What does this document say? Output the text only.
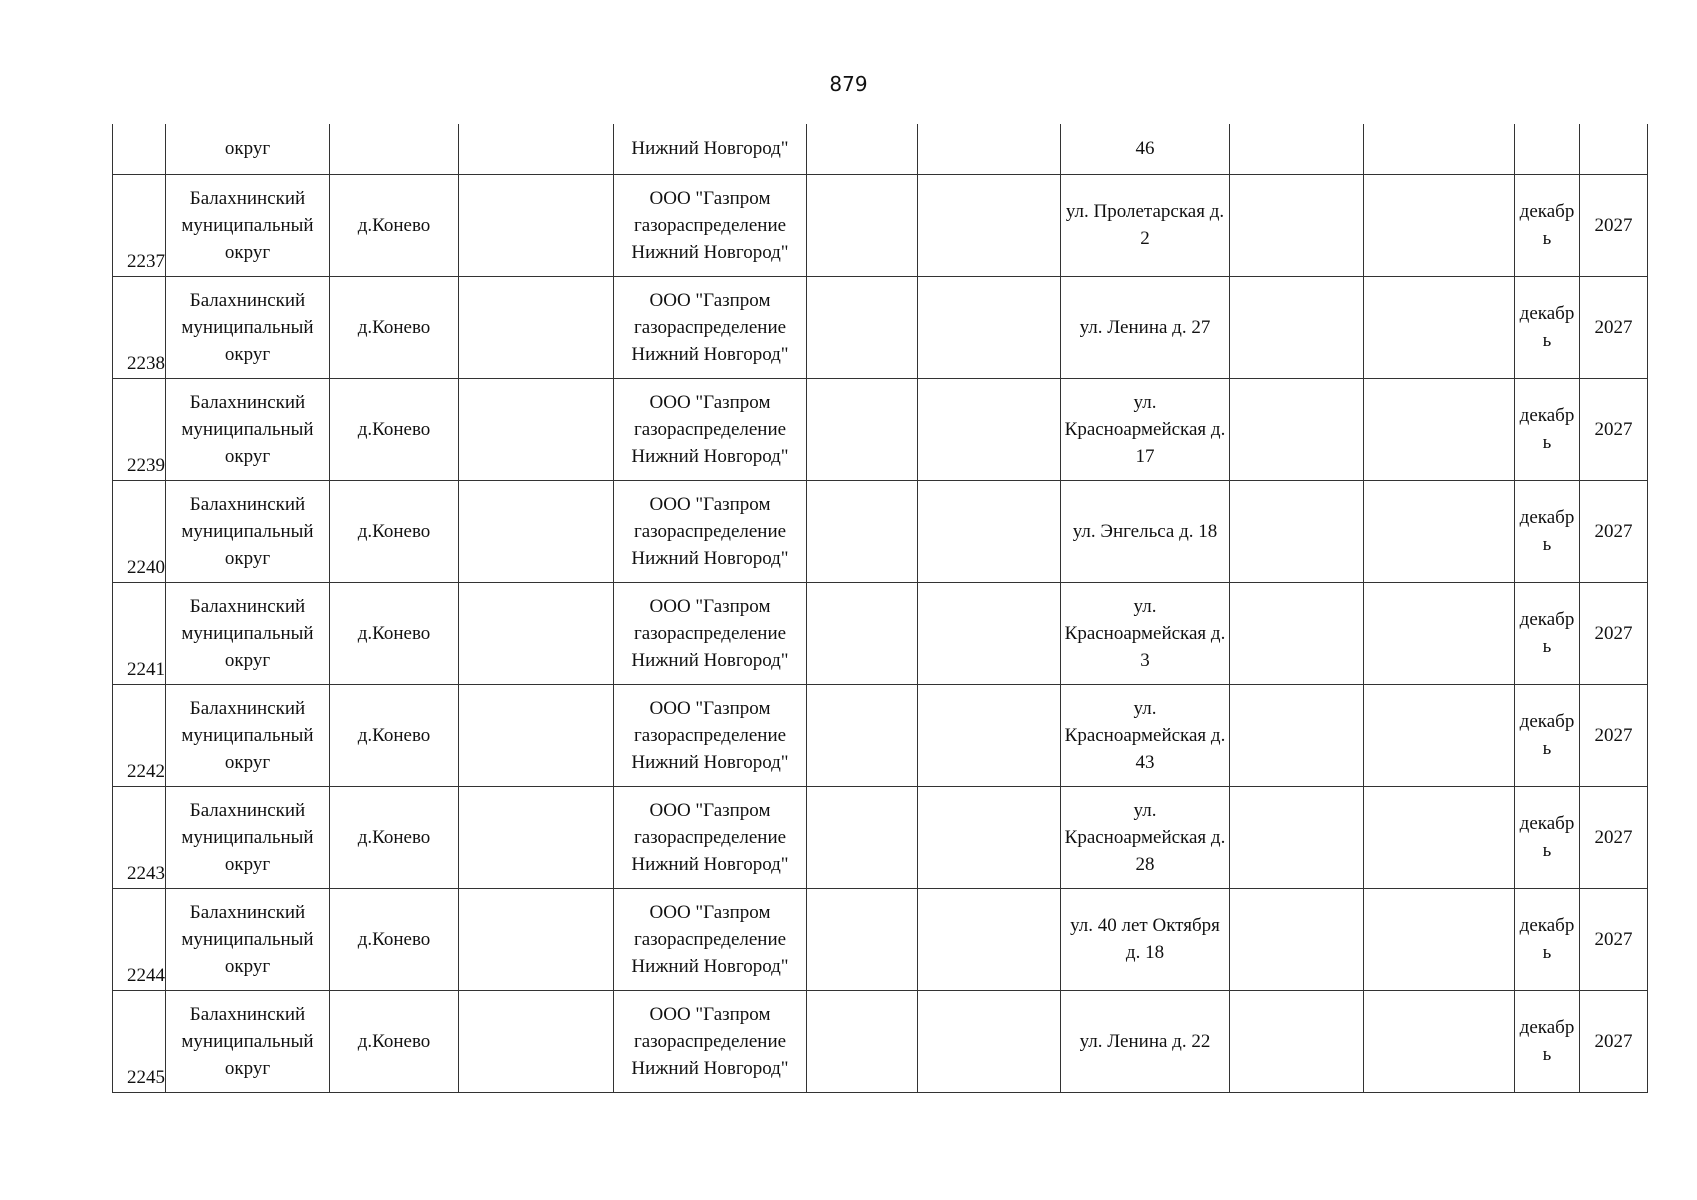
879
	округ			Нижний Новгород"			46				
2237	Балахнинский муниципальный округ	д.Конево		ООО "Газпром газораспределение Нижний Новгород"			ул. Пролетарская д. 2			декабрь	2027
2238	Балахнинский муниципальный округ	д.Конево		ООО "Газпром газораспределение Нижний Новгород"			ул. Ленина д. 27			декабрь	2027
2239	Балахнинский муниципальный округ	д.Конево		ООО "Газпром газораспределение Нижний Новгород"			ул. Красноармейская д. 17			декабрь	2027
2240	Балахнинский муниципальный округ	д.Конево		ООО "Газпром газораспределение Нижний Новгород"			ул. Энгельса д. 18			декабрь	2027
2241	Балахнинский муниципальный округ	д.Конево		ООО "Газпром газораспределение Нижний Новгород"			ул. Красноармейская д. 3			декабрь	2027
2242	Балахнинский муниципальный округ	д.Конево		ООО "Газпром газораспределение Нижний Новгород"			ул. Красноармейская д. 43			декабрь	2027
2243	Балахнинский муниципальный округ	д.Конево		ООО "Газпром газораспределение Нижний Новгород"			ул. Красноармейская д. 28			декабрь	2027
2244	Балахнинский муниципальный округ	д.Конево		ООО "Газпром газораспределение Нижний Новгород"			ул. 40 лет Октября д. 18			декабрь	2027
2245	Балахнинский муниципальный округ	д.Конево		ООО "Газпром газораспределение Нижний Новгород"			ул. Ленина д. 22			декабрь	2027
